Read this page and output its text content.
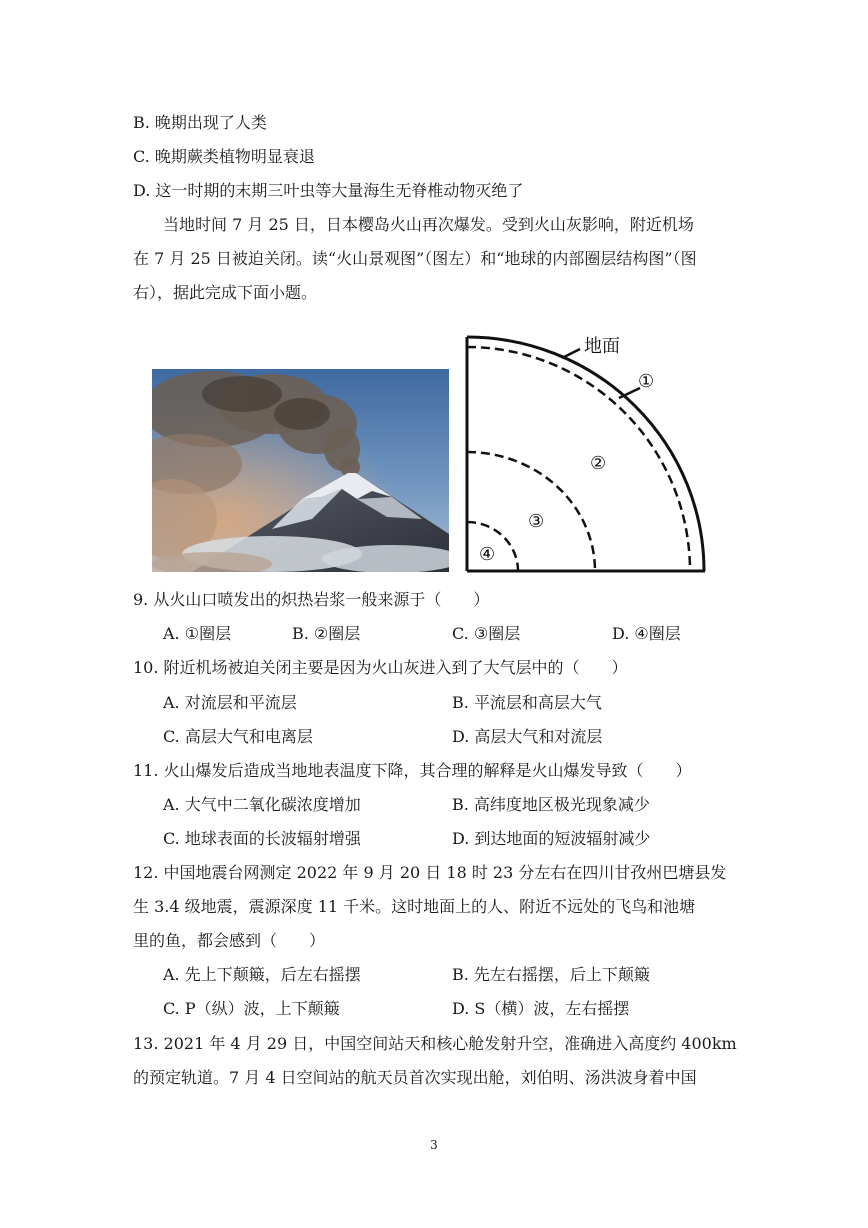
B. 晚期出现了人类
C. 晚期蕨类植物明显衰退
D. 这一时期的末期三叶虫等大量海生无脊椎动物灭绝了
当地时间 7 月 25 日，日本樱岛火山再次爆发。受到火山灰影响，附近机场
在 7 月 25 日被迫关闭。读“火山景观图”（图左）和“地球的内部圈层结构图”（图
右），据此完成下面小题。
地面
①
②
③
④
9. 从火山口喷发出的炽热岩浆一般来源于（　　）
A. ①圈层	B. ②圈层	C. ③圈层	D. ④圈层
10. 附近机场被迫关闭主要是因为火山灰进入到了大气层中的（　　）
A. 对流层和平流层	B. 平流层和高层大气
C. 高层大气和电离层	D. 高层大气和对流层
11. 火山爆发后造成当地地表温度下降，其合理的解释是火山爆发导致（　　）
A. 大气中二氧化碳浓度增加	B. 高纬度地区极光现象减少
C. 地球表面的长波辐射增强	D. 到达地面的短波辐射减少
12. 中国地震台网测定 2022 年 9 月 20 日 18 时 23 分左右在四川甘孜州巴塘县发
生 3.4 级地震，震源深度 11 千米。这时地面上的人、附近不远处的飞鸟和池塘
里的鱼，都会感到（　　）
A. 先上下颠簸，后左右摇摆	B. 先左右摇摆，后上下颠簸
C. P（纵）波，上下颠簸	D. S（横）波，左右摇摆
13. 2021 年 4 月 29 日，中国空间站天和核心舱发射升空，准确进入高度约 400km
的预定轨道。7 月 4 日空间站的航天员首次实现出舱，刘伯明、汤洪波身着中国
3
